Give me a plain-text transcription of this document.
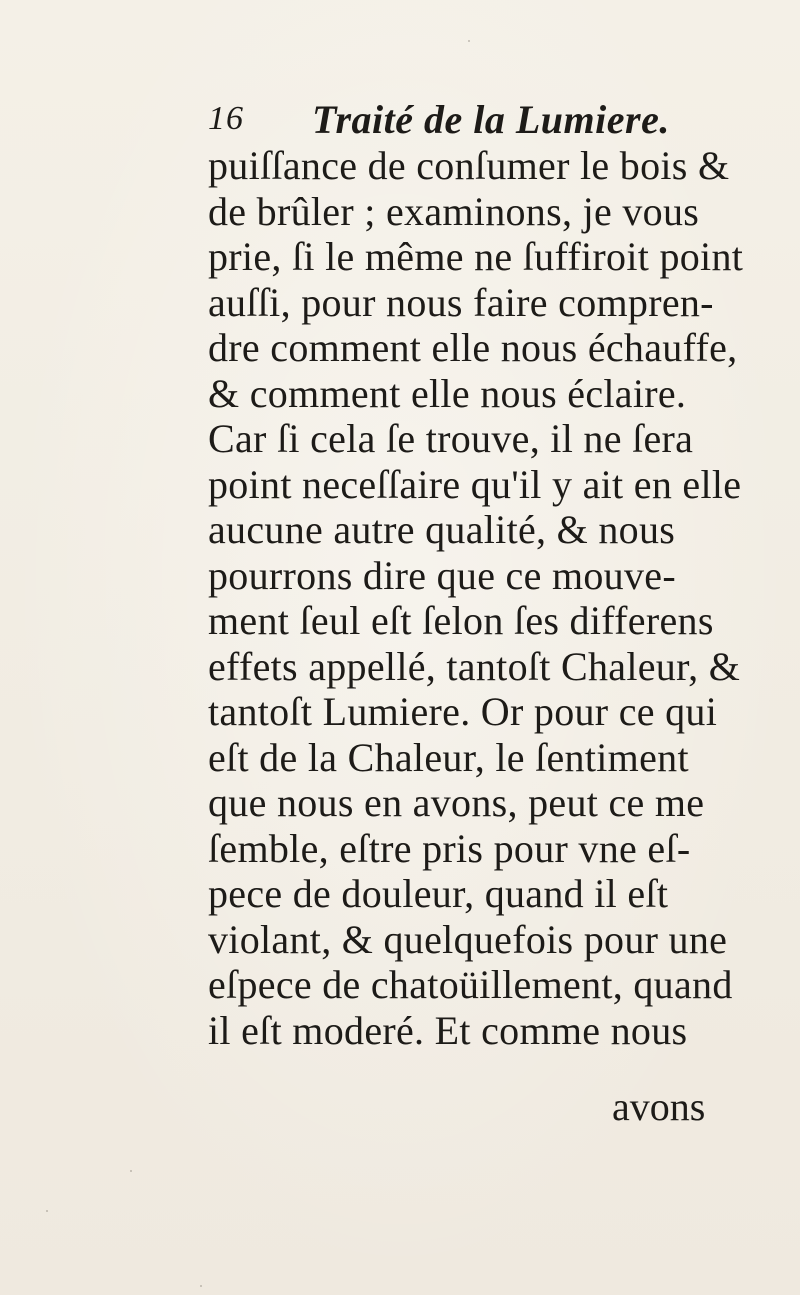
16 Traité de la Lumiere.
puiſſance de conſumer le bois &
de brûler ; examinons, je vous
prie, ſi le même ne ſuffiroit point
auſſi, pour nous faire compren-
dre comment elle nous échauffe,
& comment elle nous éclaire.
Car ſi cela ſe trouve, il ne ſera
point neceſſaire qu'il y ait en elle
aucune autre qualité, & nous
pourrons dire que ce mouve-
ment ſeul eſt ſelon ſes differens
effets appellé, tantoſt Chaleur, &
tantoſt Lumiere. Or pour ce qui
eſt de la Chaleur, le ſentiment
que nous en avons, peut ce me
ſemble, eſtre pris pour vne eſ-
pece de douleur, quand il eſt
violant, & quelquefois pour une
eſpece de chatoüillement, quand
il eſt moderé. Et comme nous
avons
